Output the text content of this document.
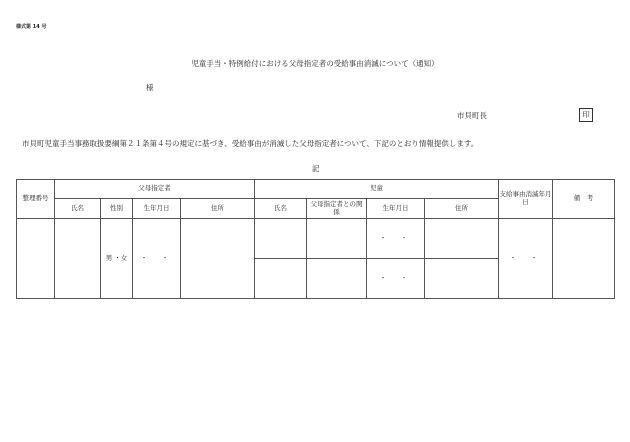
様式第 14 号
児童手当・特例給付における父母指定者の受給事由消滅について（通知）
様
市貝町長	印
市貝町児童手当事務取扱要綱第２１条第４号の規定に基づき、受給事由が消滅した父母指定者について、下記のとおり情報提供します。
記
整理番号	父母指定者				児童				支給事由消滅年月日	備　考
	氏名	性別	生年月日	住所	氏名	父母指定者との関　係	生年月日	住所		
		男 ・女	・　・				・　・		・　・	
							・　・			
